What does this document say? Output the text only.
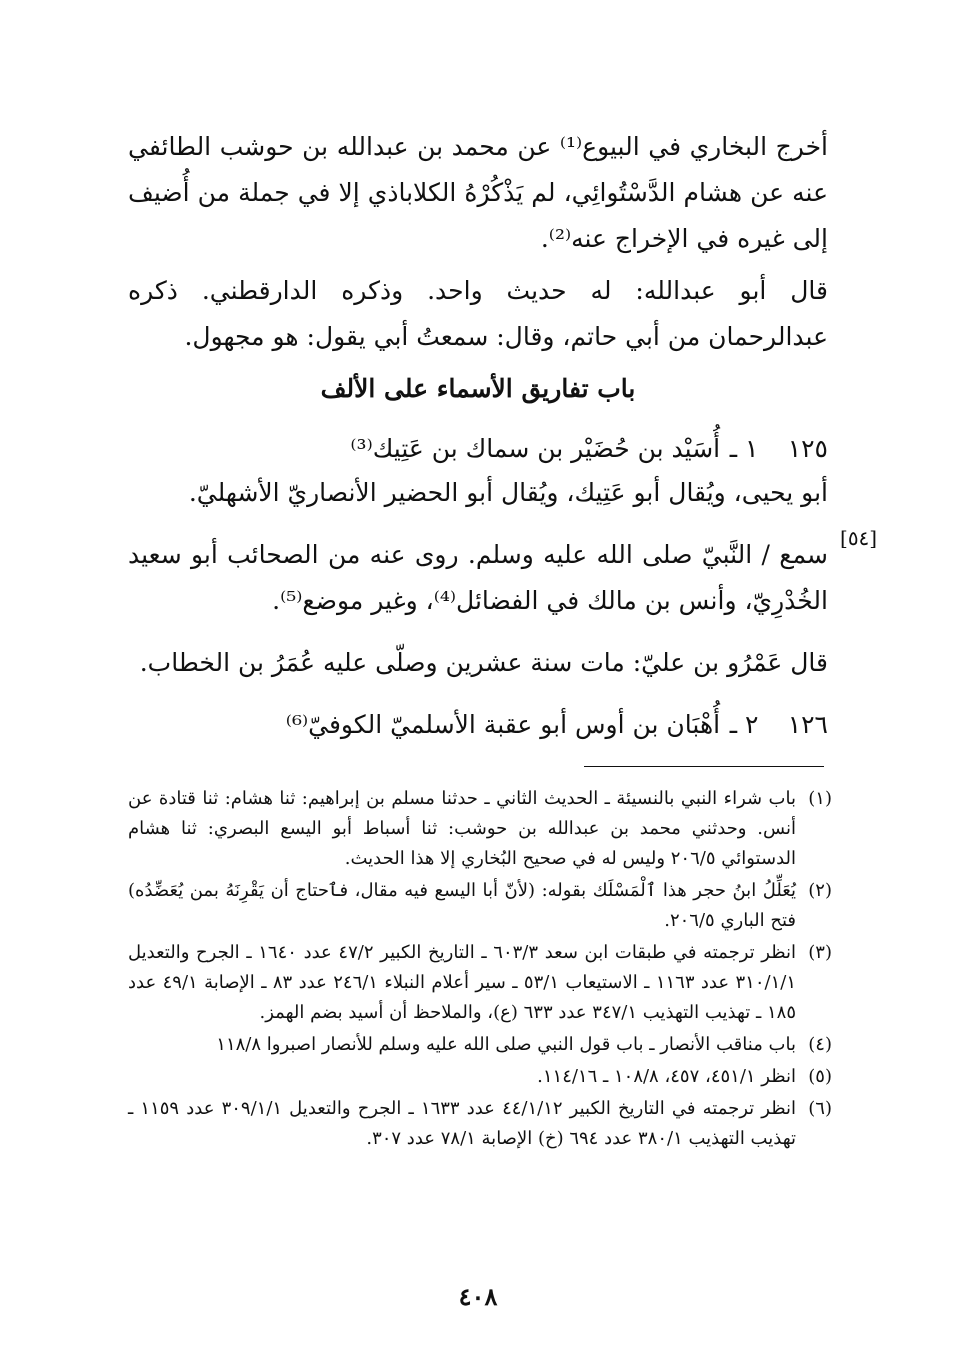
أخرج البخاري في البيوع⁽¹⁾ عن محمد بن عبدالله بن حوشب الطائفي عنه عن هشام الدَّسْتُوائِي، لم يَذْكُرْهُ الكلاباذي إلا في جملة من أُضيف إلى غيره في الإخراج عنه⁽²⁾.
قال أبو عبدالله: له حديث واحد. وذكره الدارقطني. ذكره عبدالرحمان من أبي حاتم، وقال: سمعتُ أبي يقول: هو مجهول.
باب تفاريق الأسماء على الألف
١٢٥ ١ ـ أُسَيْد بن حُضَيْر بن سماك بن عَتِيك⁽³⁾
أبو يحيى، ويُقال أبو عَتِيك، ويُقال أبو الحضير الأنصاريّ الأشهليّ.
سمع / النَّبيّ صلى الله عليه وسلم. روى عنه من الصحائب أبو سعيد الخُدْرِيّ، وأنس بن مالك في الفضائل⁽⁴⁾، وغير موضع⁽⁵⁾.
قال عَمْرُو بن عليّ: مات سنة عشرين وصلّى عليه عُمَرُ بن الخطاب.
١٢٦ ٢ ـ أُهْبَان بن أوس أبو عقبة الأسلميّ الكوفيّ⁽⁶⁾
[٥٤]
(١)
باب شراء النبي بالنسيئة ـ الحديث الثاني ـ حدثنا مسلم بن إبراهيم: ثنا هشام: ثنا قتادة عن أنس. وحدثني محمد بن عبدالله بن حوشب: ثنا أسباط أبو اليسع البصري: ثنا هشام الدستوائي ٢٠٦/٥ وليس له في صحيح البُخاري إلا هذا الحديث.
(٢)
يُعَلِّلُ ابنُ حجر هذا ٱلْمَسْلَك بقوله: (لأنّ أبا اليسع فيه مقال، فٱحتاج أن يَقْرِنَهُ بمن يُعَضِّدُه) فتح الباري ٢٠٦/٥.
(٣)
انظر ترجمته في طبقات ابن سعد ٦٠٣/٣ ـ التاريخ الكبير ٤٧/٢ عدد ١٦٤٠ ـ الجرح والتعديل ٣١٠/١/١ عدد ١١٦٣ ـ الاستيعاب ٥٣/١ ـ سير أعلام النبلاء ٢٤٦/١ عدد ٨٣ ـ الإصابة ٤٩/١ عدد ١٨٥ ـ تهذيب التهذيب ٣٤٧/١ عدد ٦٣٣ (ع)، والملاحظ أن أسيد بضم الهمز.
(٤)
باب مناقب الأنصار ـ باب قول النبي صلى الله عليه وسلم للأنصار اصبروا ١١٨/٨
(٥)
انظر ٤٥١/١، ٤٥٧، ١٠٨/٨ ـ ١١٤/١٦.
(٦)
انظر ترجمته في التاريخ الكبير ٤٤/١/١٢ عدد ١٦٣٣ ـ الجرح والتعديل ٣٠٩/١/١ عدد ١١٥٩ ـ تهذيب التهذيب ٣٨٠/١ عدد ٦٩٤ (خ) الإصابة ٧٨/١ عدد ٣٠٧.
٤٠٨
